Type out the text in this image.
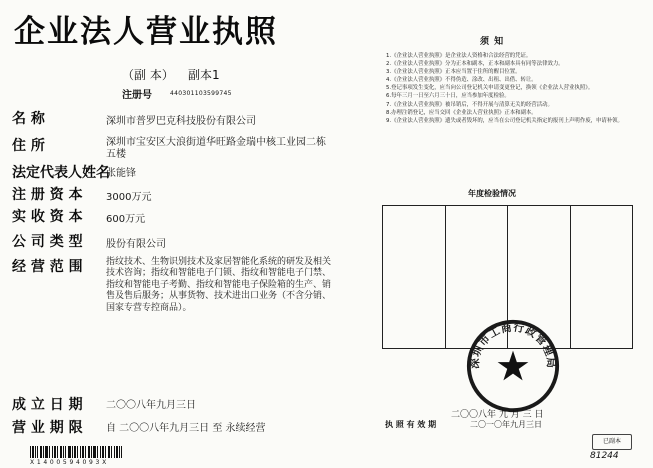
企业法人营业执照
（副 本） 副本1
注册号	440301103599745
名 称	深圳市普罗巴克科技股份有限公司
住 所	深圳市宝安区大浪街道华旺路金瑞中核工业园二栋五楼
法定代表人姓名
张能锋
注 册 资 本 3000万元
实 收 资 本 600万元
公 司 类 型 股份有限公司
经 营 范 围	指纹技术、生物识别技术及家居智能化系统的研发及相关技术咨询；指纹和智能电子门锁、指纹和智能电子门禁、指纹和智能电子考勤、指纹和智能电子保险箱的生产、销售及售后服务；从事货物、技术进出口业务（不含分销、国家专营专控商品）。
成 立 日 期 二〇〇八年九月三日
营 业 期 限 自 二〇〇八年九月三日 至 永续经营
须 知
1.《企业法人营业执照》是企业法人资格和合法经营的凭证。
2.《企业法人营业执照》分为正本和副本，正本和副本具有同等法律效力。
3.《企业法人营业执照》正本应当置于住所的醒目位置。
4.《企业法人营业执照》不得伪造、涂改、出租、出借、转让。
5.登记事项发生变化，应当向公司登记机关申请变更登记，换领《企业法人营业执照》。
6.每年三月一日至六月三十日，应当参加年度检验。
7.《企业法人营业执照》被吊销后，不得开展与清算无关的经营活动。
8.办理注销登记，应当交回《企业法人营业执照》正本和副本。
9.《企业法人营业执照》遗失或者毁坏的，应当在公司登记机关指定的报刊上声明作废，申请补领。
年度检验情况
深圳市工商行政管理局
二〇〇八年 九 月 三 日
执 照 有 效 期	二〇一〇年九月三日
已副本
81244
X 1 4 0 0 5 9 4 0 9 3 X
